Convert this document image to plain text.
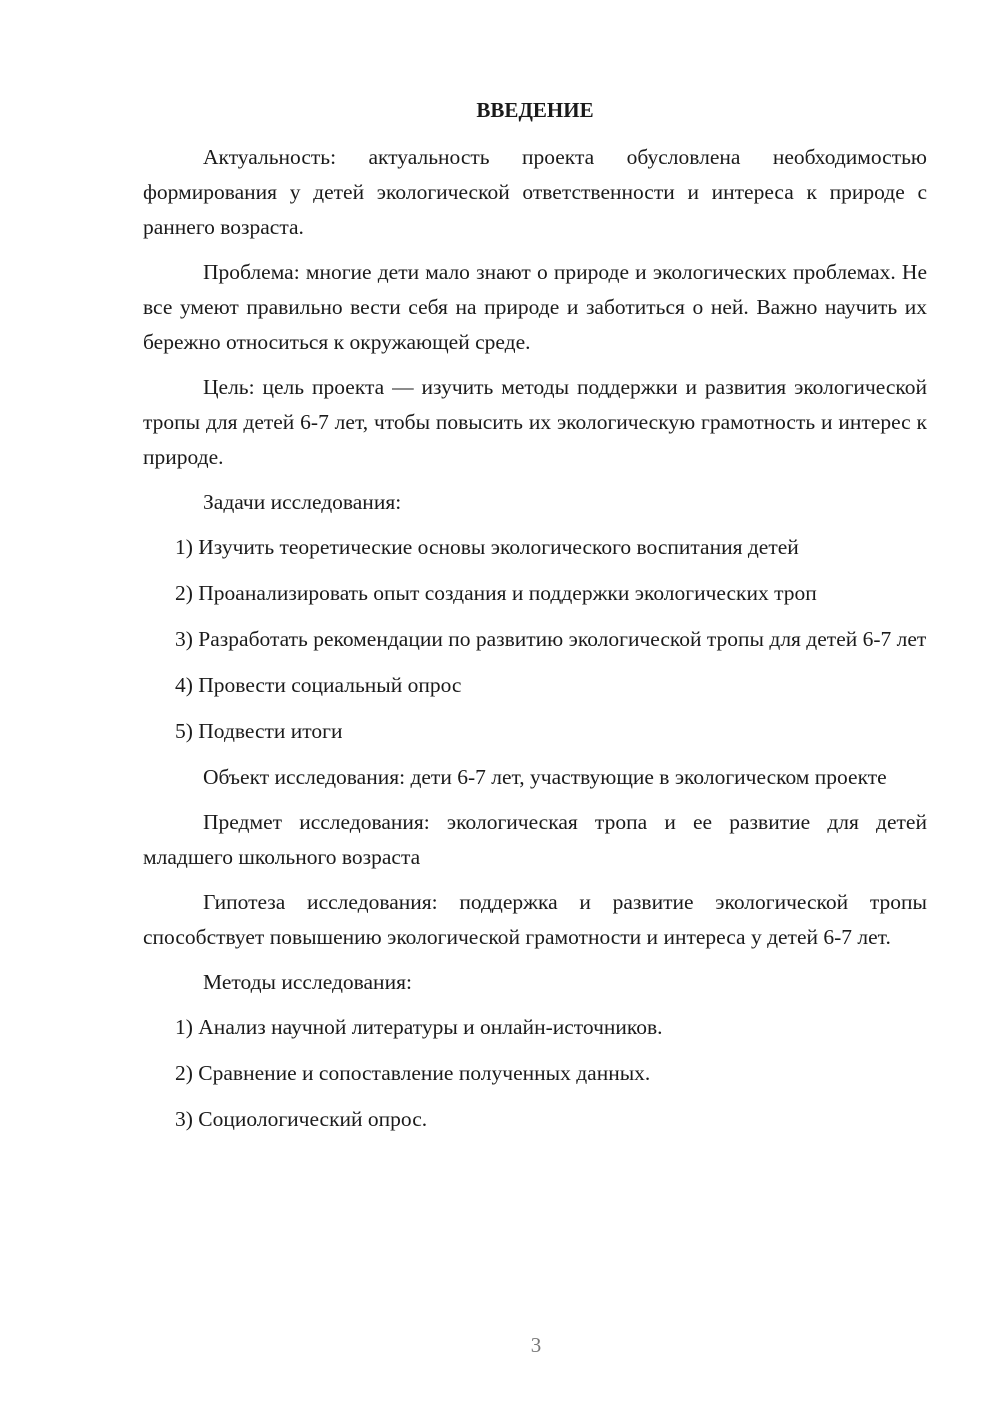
ВВЕДЕНИЕ

Актуальность: актуальность проекта обусловлена необходимостью формирования у детей экологической ответственности и интереса к природе с раннего возраста.

Проблема: многие дети мало знают о природе и экологических проблемах. Не все умеют правильно вести себя на природе и заботиться о ней. Важно научить их бережно относиться к окружающей среде.

Цель: цель проекта — изучить методы поддержки и развития экологической тропы для детей 6-7 лет, чтобы повысить их экологическую грамотность и интерес к природе.

Задачи исследования:

1) Изучить теоретические основы экологического воспитания детей

2) Проанализировать опыт создания и поддержки экологических троп

3) Разработать рекомендации по развитию экологической тропы для детей 6-7 лет

4) Провести социальный опрос

5) Подвести итоги

Объект исследования: дети 6-7 лет, участвующие в экологическом проекте

Предмет исследования: экологическая тропа и ее развитие для детей младшего школьного возраста

Гипотеза исследования: поддержка и развитие экологической тропы способствует повышению экологической грамотности и интереса у детей 6-7 лет.

Методы исследования:

1) Анализ научной литературы и онлайн-источников.

2) Сравнение и сопоставление полученных данных.

3) Социологический опрос.

3
